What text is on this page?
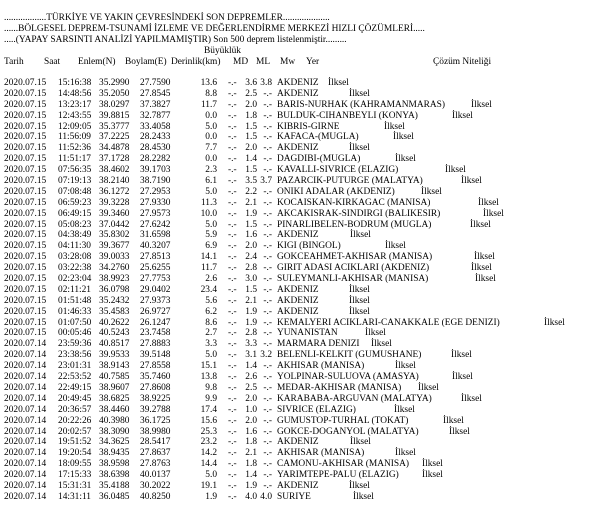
..................TÜRKİYE VE YAKIN ÇEVRESİNDEKİ SON DEPREMLER....................
......BÖLGESEL DEPREM-TSUNAMİ İZLEME VE DEĞERLENDİRME MERKEZİ HIZLI ÇÖZÜMLERİ.....
.....(YAPAY SARSINTI ANALİZİ YAPILMAMIŞTIR) Son 500 deprem listelenmiştir.........
Büyüklük
Tarih Saat Enlem(N) Boylam(E) Derinlik(km) MD ML Mw Yer	Çözüm Niteliği
2020.07.15 15:16:38 35.2990 27.7590	13.6 -.- 3.6 3.8 AKDENIZ İlksel
2020.07.15 14:48:56 35.2050 27.8545	8.8 -.- 2.5 -.- AKDENIZ	İlksel
2020.07.15 13:23:17 38.0297 37.3827	11.7 -.- 2.0 -.- BARIS-NURHAK (KAHRAMANMARAS)	İlksel
2020.07.15 12:43:55 39.8815 32.7877	0.0 -.- 1.8 -.- BULDUK-CIHANBEYLI (KONYA)	İlksel
2020.07.15 12:09:05 35.3777 33.4058	5.0 -.- 1.5 -.- KIBRIS-GIRNE	İlksel
2020.07.15 11:56:09 37.2225 28.2433	0.0 -.- 1.5 -.- KAFACA-(MUGLA)	İlksel
2020.07.15 11:52:36 34.4878 28.4530	7.7 -.- 2.0 -.- AKDENIZ	İlksel
2020.07.15 11:51:17 37.1728 28.2282	0.0 -.- 1.4 -.- DAGDIBI-(MUGLA)	İlksel
2020.07.15 07:56:35 38.4602 39.1703	2.3 -.- 1.5 -.- KAVALLI-SIVRICE (ELAZIG)	İlksel
2020.07.15 07:19:13 38.2140 38.7190	6.1 -.- 3.5 3.7 PAZARCIK-PUTURGE (MALATYA)	İlksel
2020.07.15 07:08:48 36.1272 27.2953	5.0 -.- 2.2 -.- ONIKI ADALAR (AKDENIZ)	İlksel
2020.07.15 06:59:23 39.3228 27.9330	11.3 -.- 2.1 -.- KOCAISKAN-KIRKAGAC (MANISA)	İlksel
2020.07.15 06:49:15 39.3460 27.9573	10.0 -.- 1.9 -.- AKCAKISRAK-SINDIRGI (BALIKESIR)	İlksel
2020.07.15 05:08:23 37.0442 27.6242	5.0 -.- 1.5 -.- PINARLIBELEN-BODRUM (MUGLA)	İlksel
2020.07.15 04:38:49 35.8302 31.6598	5.9 -.- 1.6 -.- AKDENIZ	İlksel
2020.07.15 04:11:30 39.3677 40.3207	6.9 -.- 2.0 -.- KIGI (BINGOL)	İlksel
2020.07.15 03:28:08 39.0033 27.8513	14.1 -.- 2.4 -.- GOKCEAHMET-AKHISAR (MANISA)	İlksel
2020.07.15 03:22:38 34.2760 25.6255	11.7 -.- 2.8 -.- GIRIT ADASI ACIKLARI (AKDENIZ)	İlksel
2020.07.15 02:23:04 38.9923 27.7753	2.6 -.- 3.0 -.- SULEYMANLI-AKHISAR (MANISA)	İlksel
2020.07.15 02:11:21 36.0798 29.0402	23.4 -.- 1.5 -.- AKDENIZ	İlksel
2020.07.15 01:51:48 35.2432 27.9373	5.6 -.- 2.1 -.- AKDENIZ	İlksel
2020.07.15 01:46:33 35.4583 26.9727	6.2 -.- 1.9 -.- AKDENIZ	İlksel
2020.07.15 01:07:50 40.2622 26.1247	8.6 -.- 1.9 -.- KEMALYERI ACIKLARI-CANAKKALE (EGE DENIZI)	İlksel
2020.07.15 00:05:46 40.5243 23.7458	2.7 -.- 2.8 -.- YUNANISTAN	İlksel
2020.07.14 23:59:36 40.8517 27.8883	3.3 -.- 3.3 -.- MARMARA DENIZI İlksel
2020.07.14 23:38:56 39.9533 39.5148	5.0 -.- 3.1 3.2 BELENLI-KELKIT (GUMUSHANE)	İlksel
2020.07.14 23:01:31 38.9143 27.8558	15.1 -.- 1.4 -.- AKHISAR (MANISA)	İlksel
2020.07.14 22:53:52 40.7585 35.7460	13.8 -.- 2.6 -.- YOLPINAR-SULUOVA (AMASYA)	İlksel
2020.07.14 22:49:15 38.9607 27.8608	9.8 -.- 2.5 -.- MEDAR-AKHISAR (MANISA) İlksel
2020.07.14 20:49:45 38.6825 38.9225	9.9 -.- 2.0 -.- KARABABA-ARGUVAN (MALATYA)	İlksel
2020.07.14 20:36:57 38.4460 39.2788	17.4 -.- 1.0 -.- SIVRICE (ELAZIG)	İlksel
2020.07.14 20:22:26 40.3980 36.1725	15.6 -.- 2.0 -.- GUMUSTOP-TURHAL (TOKAT)	İlksel
2020.07.14 20:02:57 38.3090 38.9980	25.3 -.- 1.6 -.- GOKCE-DOGANYOL (MALATYA)	İlksel
2020.07.14 19:51:52 34.3625 28.5417	23.2 -.- 1.8 -.- AKDENIZ	İlksel
2020.07.14 19:20:54 38.9435 27.8637	14.2 -.- 2.1 -.- AKHISAR (MANISA)	İlksel
2020.07.14 18:09:55 38.9598 27.8763	14.4 -.- 1.8 -.- CAMONU-AKHISAR (MANISA) İlksel
2020.07.14 17:15:33 38.6398 40.0137	5.0 -.- 1.4 -.- YARIMTEPE-PALU (ELAZIG) İlksel
2020.07.14 15:31:31 35.4188 30.2022	19.1 -.- 1.9 -.- AKDENIZ	İlksel
2020.07.14 14:31:11 36.0485 40.8250	1.9 -.- 4.0 4.0 SURIYE	İlksel
